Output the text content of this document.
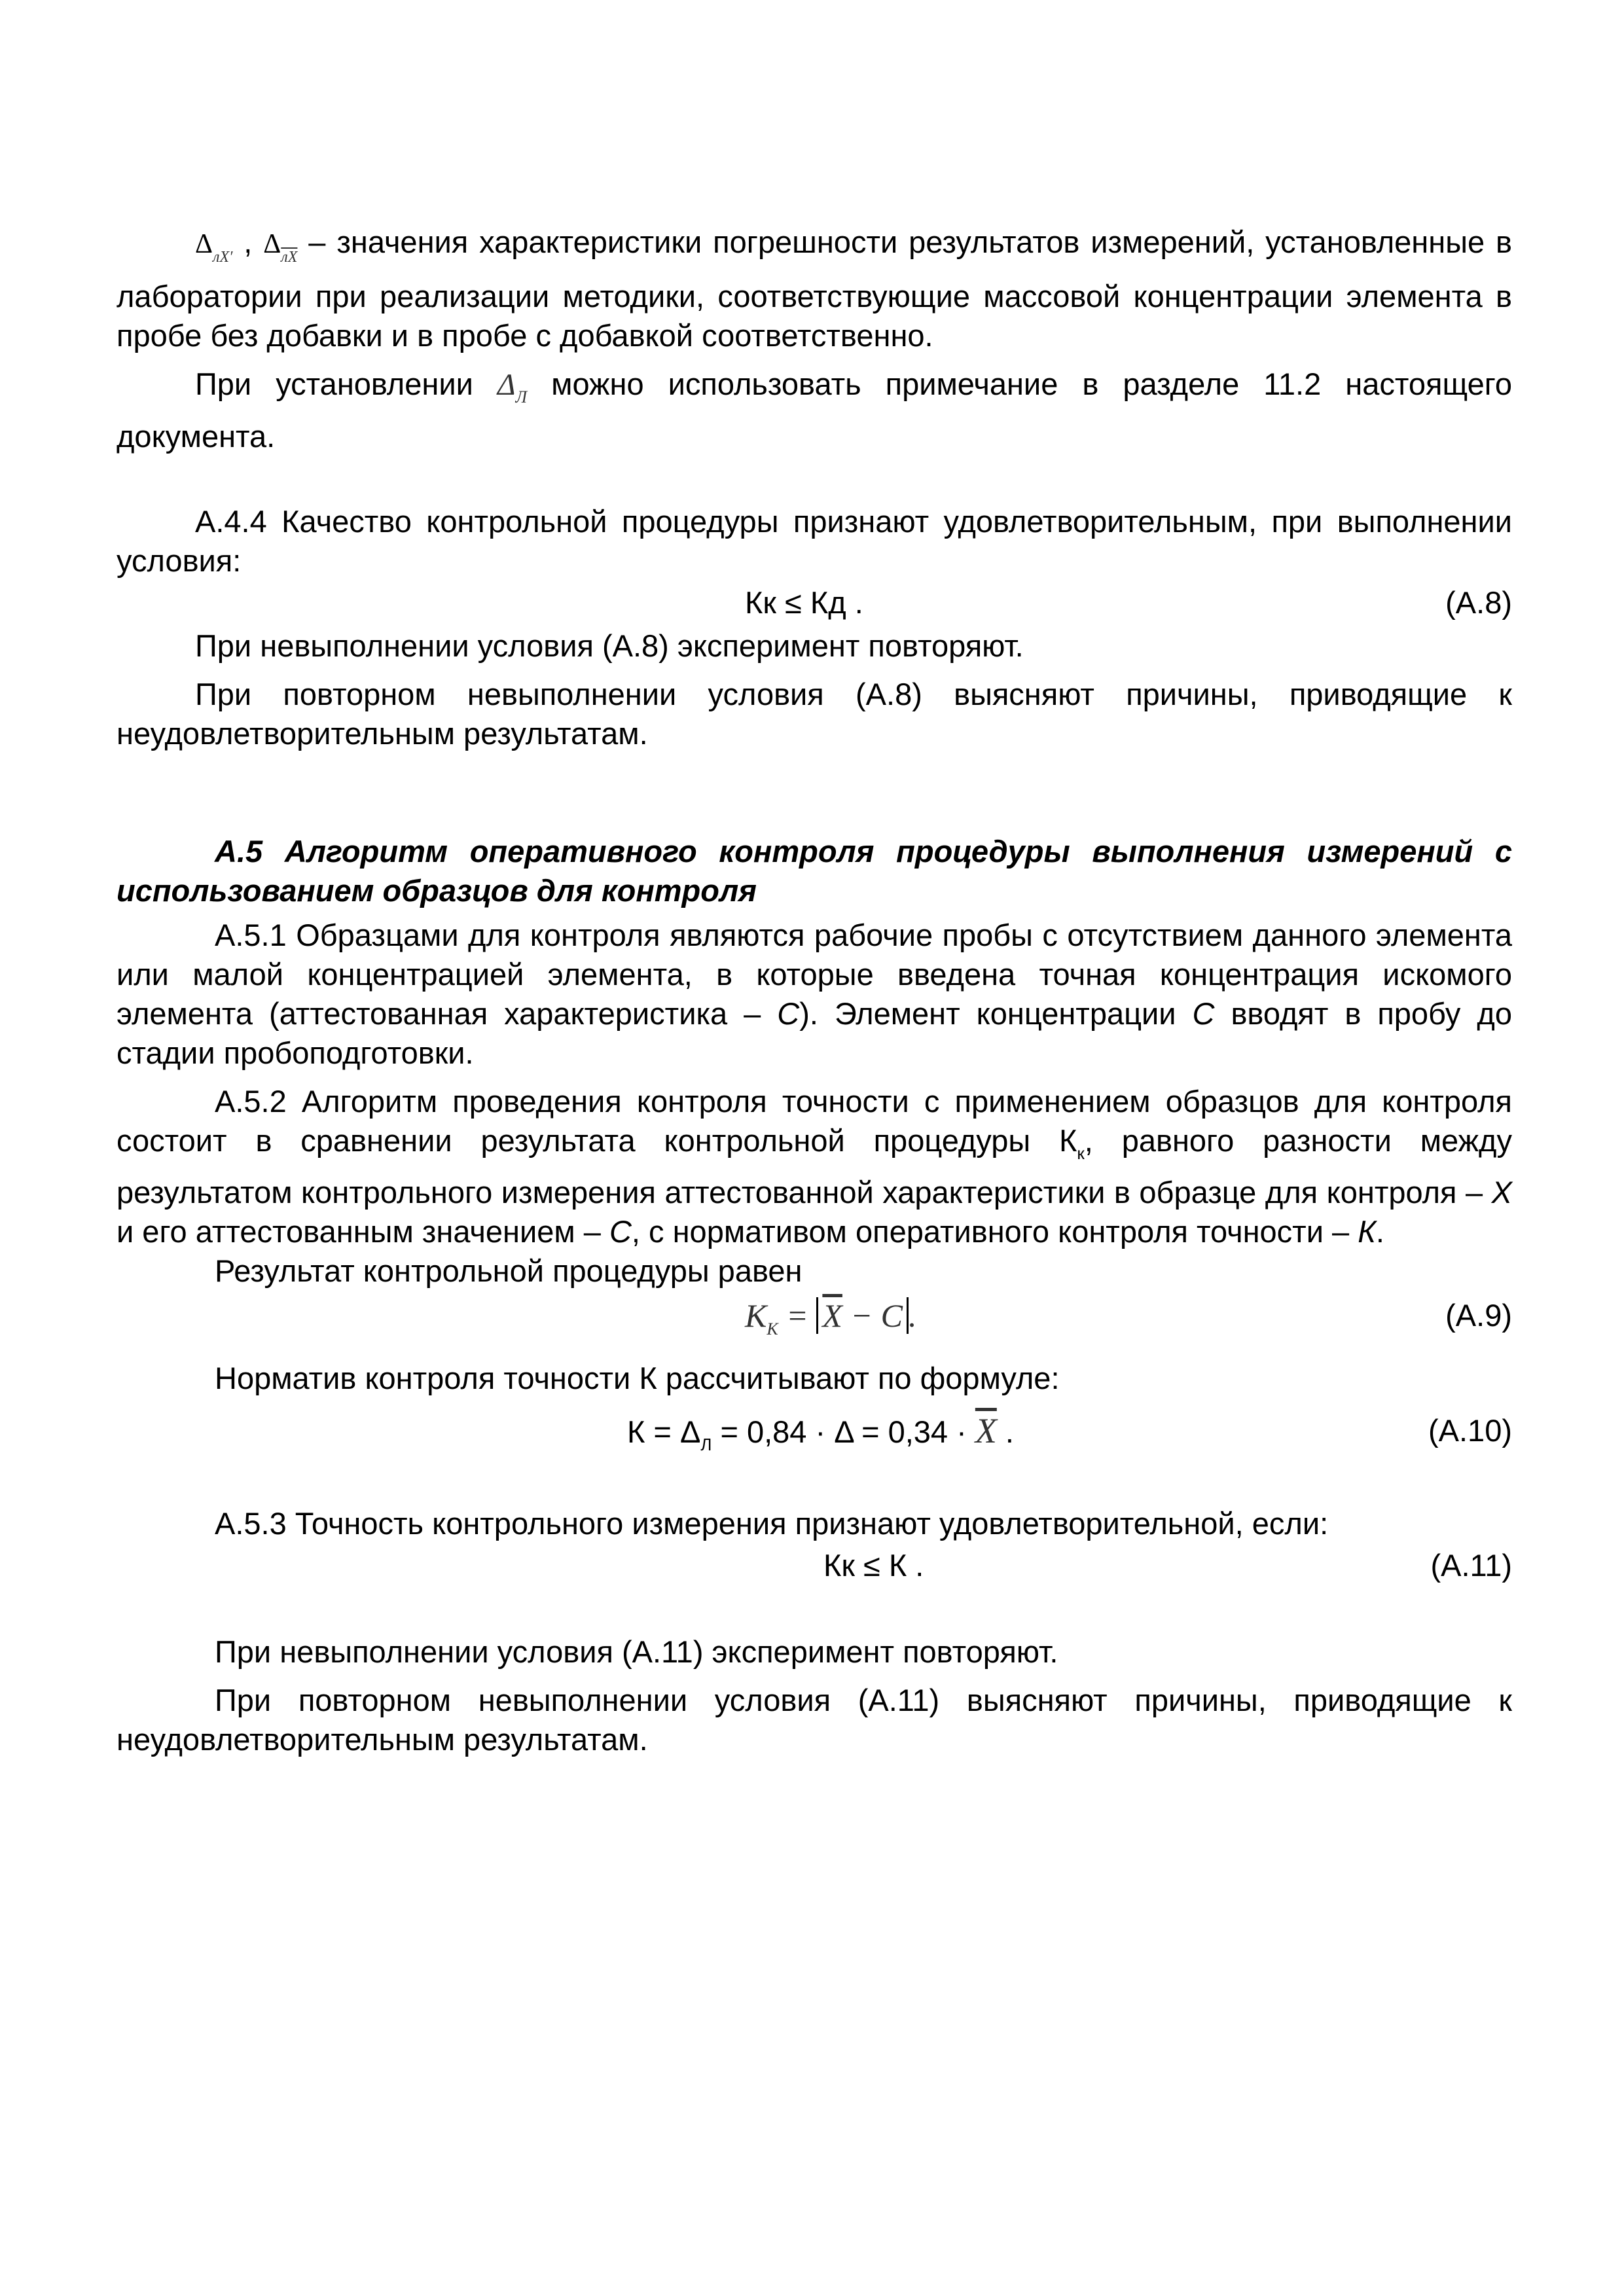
$\Delta_{лX'}$ , $\Delta_{лX}$ – значения характеристики погрешности результатов измерений, установленные в лаборатории при реализации методики, соответствующие массовой концентрации элемента в пробе без добавки и в пробе с добавкой соответственно.

При установлении $\Delta_Л$ можно использовать примечание в разделе 11.2 настоящего документа.

А.4.4 Качество контрольной процедуры признают удовлетворительным, при выполнении условия:

Кк ≤ Кд .	(А.8)

При невыполнении условия (А.8) эксперимент повторяют.

При повторном невыполнении условия (А.8) выясняют причины, приводящие к неудовлетворительным результатам.

А.5 Алгоритм оперативного контроля процедуры выполнения измерений с использованием образцов для контроля

А.5.1 Образцами для контроля являются рабочие пробы с отсутствием данного элемента или малой концентрацией элемента, в которые введена точная концентрация искомого элемента (аттестованная характеристика – С). Элемент концентрации С вводят в пробу до стадии пробоподготовки.

А.5.2 Алгоритм проведения контроля точности с применением образцов для контроля состоит в сравнении результата контрольной процедуры $К_к$, равного разности между результатом контрольного измерения аттестованной характеристики в образце для контроля – X и его аттестованным значением – С, с нормативом оперативного контроля точности – К.

Результат контрольной процедуры равен

$K_К = \overline{X} - C$ .	(А.9)

Норматив контроля точности К рассчитывают по формуле:

$К = \Delta_Л = 0,84 \cdot \Delta = 0,34 \cdot \overline{X}$ .	(А.10)

А.5.3 Точность контрольного измерения признают удовлетворительной, если:

Кк ≤ К .	(А.11)

При невыполнении условия (А.11) эксперимент повторяют.

При повторном невыполнении условия (А.11) выясняют причины, приводящие к неудовлетворительным результатам.
